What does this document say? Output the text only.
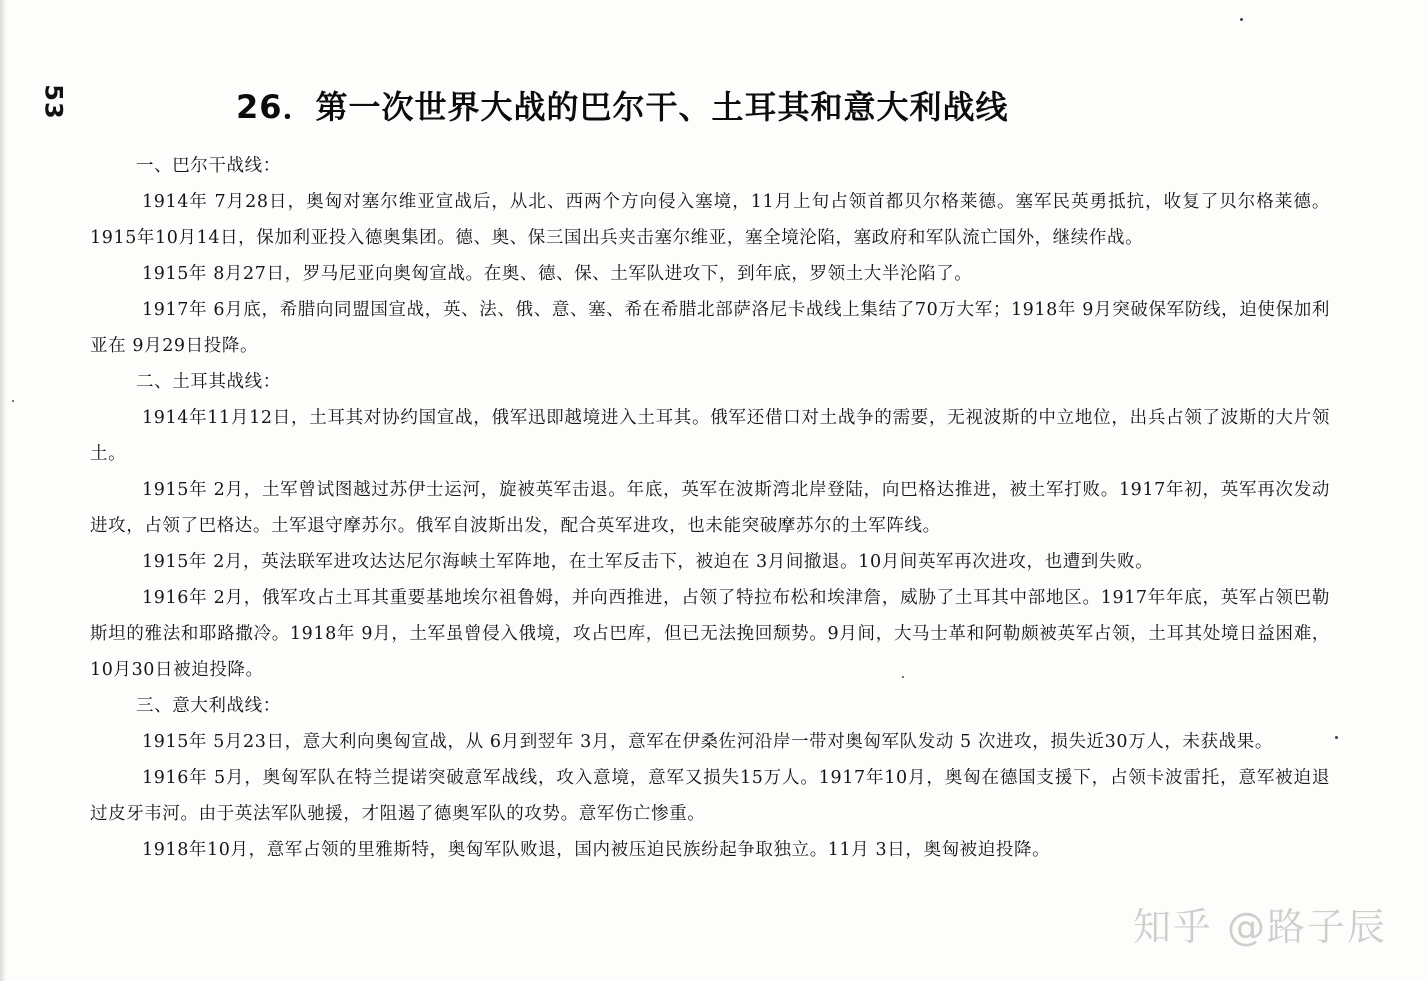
53	26．第一次世界大战的巴尔干、土耳其和意大利战线

一、巴尔干战线：

1914年 7月28日，奥匈对塞尔维亚宣战后，从北、西两个方向侵入塞境，11月上旬占领首都贝尔格莱德。塞军民英勇抵抗，收复了贝尔格莱德。1915年10月14日，保加利亚投入德奥集团。德、奥、保三国出兵夹击塞尔维亚，塞全境沦陷，塞政府和军队流亡国外，继续作战。

1915年 8月27日，罗马尼亚向奥匈宣战。在奥、德、保、土军队进攻下，到年底，罗领土大半沦陷了。

1917年 6月底，希腊向同盟国宣战，英、法、俄、意、塞、希在希腊北部萨洛尼卡战线上集结了70万大军；1918年 9月突破保军防线，迫使保加利亚在 9月29日投降。

二、土耳其战线：

1914年11月12日，土耳其对协约国宣战，俄军迅即越境进入土耳其。俄军还借口对土战争的需要，无视波斯的中立地位，出兵占领了波斯的大片领土。

1915年 2月，土军曾试图越过苏伊士运河，旋被英军击退。年底，英军在波斯湾北岸登陆，向巴格达推进，被土军打败。1917年初，英军再次发动进攻，占领了巴格达。土军退守摩苏尔。俄军自波斯出发，配合英军进攻，也未能突破摩苏尔的土军阵线。

1915年 2月，英法联军进攻达达尼尔海峡土军阵地，在土军反击下，被迫在 3月间撤退。10月间英军再次进攻，也遭到失败。

1916年 2月，俄军攻占土耳其重要基地埃尔祖鲁姆，并向西推进，占领了特拉布松和埃津詹，威胁了土耳其中部地区。1917年年底，英军占领巴勒斯坦的雅法和耶路撒冷。1918年 9月，土军虽曾侵入俄境，攻占巴库，但已无法挽回颓势。9月间，大马士革和阿勒颇被英军占领，土耳其处境日益困难，10月30日被迫投降。

三、意大利战线：

1915年 5月23日，意大利向奥匈宣战，从 6月到翌年 3月，意军在伊桑佐河沿岸一带对奥匈军队发动 5 次进攻，损失近30万人，未获战果。

1916年 5月，奥匈军队在特兰提诺突破意军战线，攻入意境，意军又损失15万人。1917年10月，奥匈在德国支援下，占领卡波雷托，意军被迫退过皮牙韦河。由于英法军队驰援，才阻遏了德奥军队的攻势。意军伤亡惨重。

1918年10月，意军占领的里雅斯特，奥匈军队败退，国内被压迫民族纷起争取独立。11月 3日，奥匈被迫投降。

知乎 @路子辰
